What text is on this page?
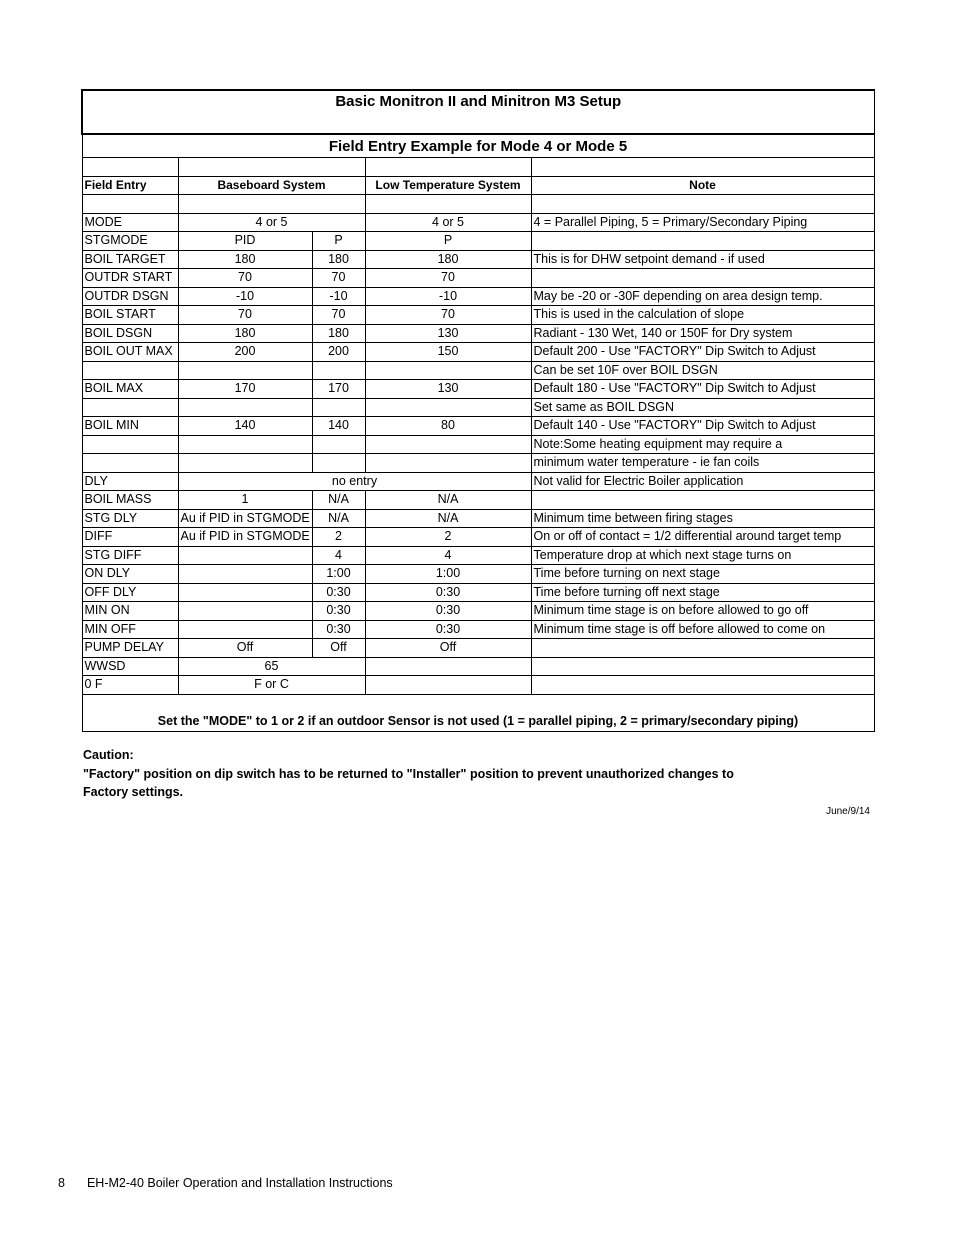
Basic Monitron II and Minitron M3 Setup				
Field Entry Example for Mode 4 or Mode 5				

Field Entry	Baseboard System		Low Temperature System	Note

MODE	4 or 5		4 or 5	4 = Parallel Piping, 5 = Primary/Secondary Piping
STGMODE	PID	P	P	
BOIL TARGET	180	180	180	This is for DHW setpoint demand - if used
OUTDR START	70	70	70	
OUTDR DSGN	-10	-10	-10	May be -20 or -30F depending on area design temp.
BOIL START	70	70	70	This is used in the calculation of slope
BOIL DSGN	180	180	130	Radiant - 130 Wet, 140 or 150F for Dry system
BOIL OUT MAX	200	200	150	Default 200 - Use "FACTORY" Dip Switch to Adjust
				Can be set 10F over BOIL DSGN
BOIL MAX	170	170	130	Default 180 - Use "FACTORY" Dip Switch to Adjust
				Set same as BOIL DSGN
BOIL MIN	140	140	80	Default 140 - Use "FACTORY" Dip Switch to Adjust
				Note:Some heating equipment may require a
				minimum water temperature - ie fan coils
DLY	no entry			Not valid for Electric Boiler application
BOIL MASS	1	N/A	N/A	
STG DLY	Au if PID in STGMODE	N/A	N/A	Minimum time between firing stages
DIFF	Au if PID in STGMODE	2	2	On or off of contact = 1/2 differential around target temp
STG DIFF		4	4	Temperature drop at which next stage turns on
ON DLY		1:00	1:00	Time before turning on next stage
OFF DLY		0:30	0:30	Time before turning off next stage
MIN ON		0:30	0:30	Minimum time stage is on before allowed to go off
MIN OFF		0:30	0:30	Minimum time stage is off before allowed to come on
PUMP DELAY	Off	Off	Off	
WWSD	65			
0 F	F or C			
Set the "MODE" to 1 or 2 if an outdoor Sensor is not used (1 = parallel piping, 2 = primary/secondary piping)				
Caution:
"Factory" position on dip switch has to be returned to "Installer" position to prevent unauthorized changes to
Factory settings.
June/9/14
8 EH-M2-40 Boiler Operation and Installation Instructions
